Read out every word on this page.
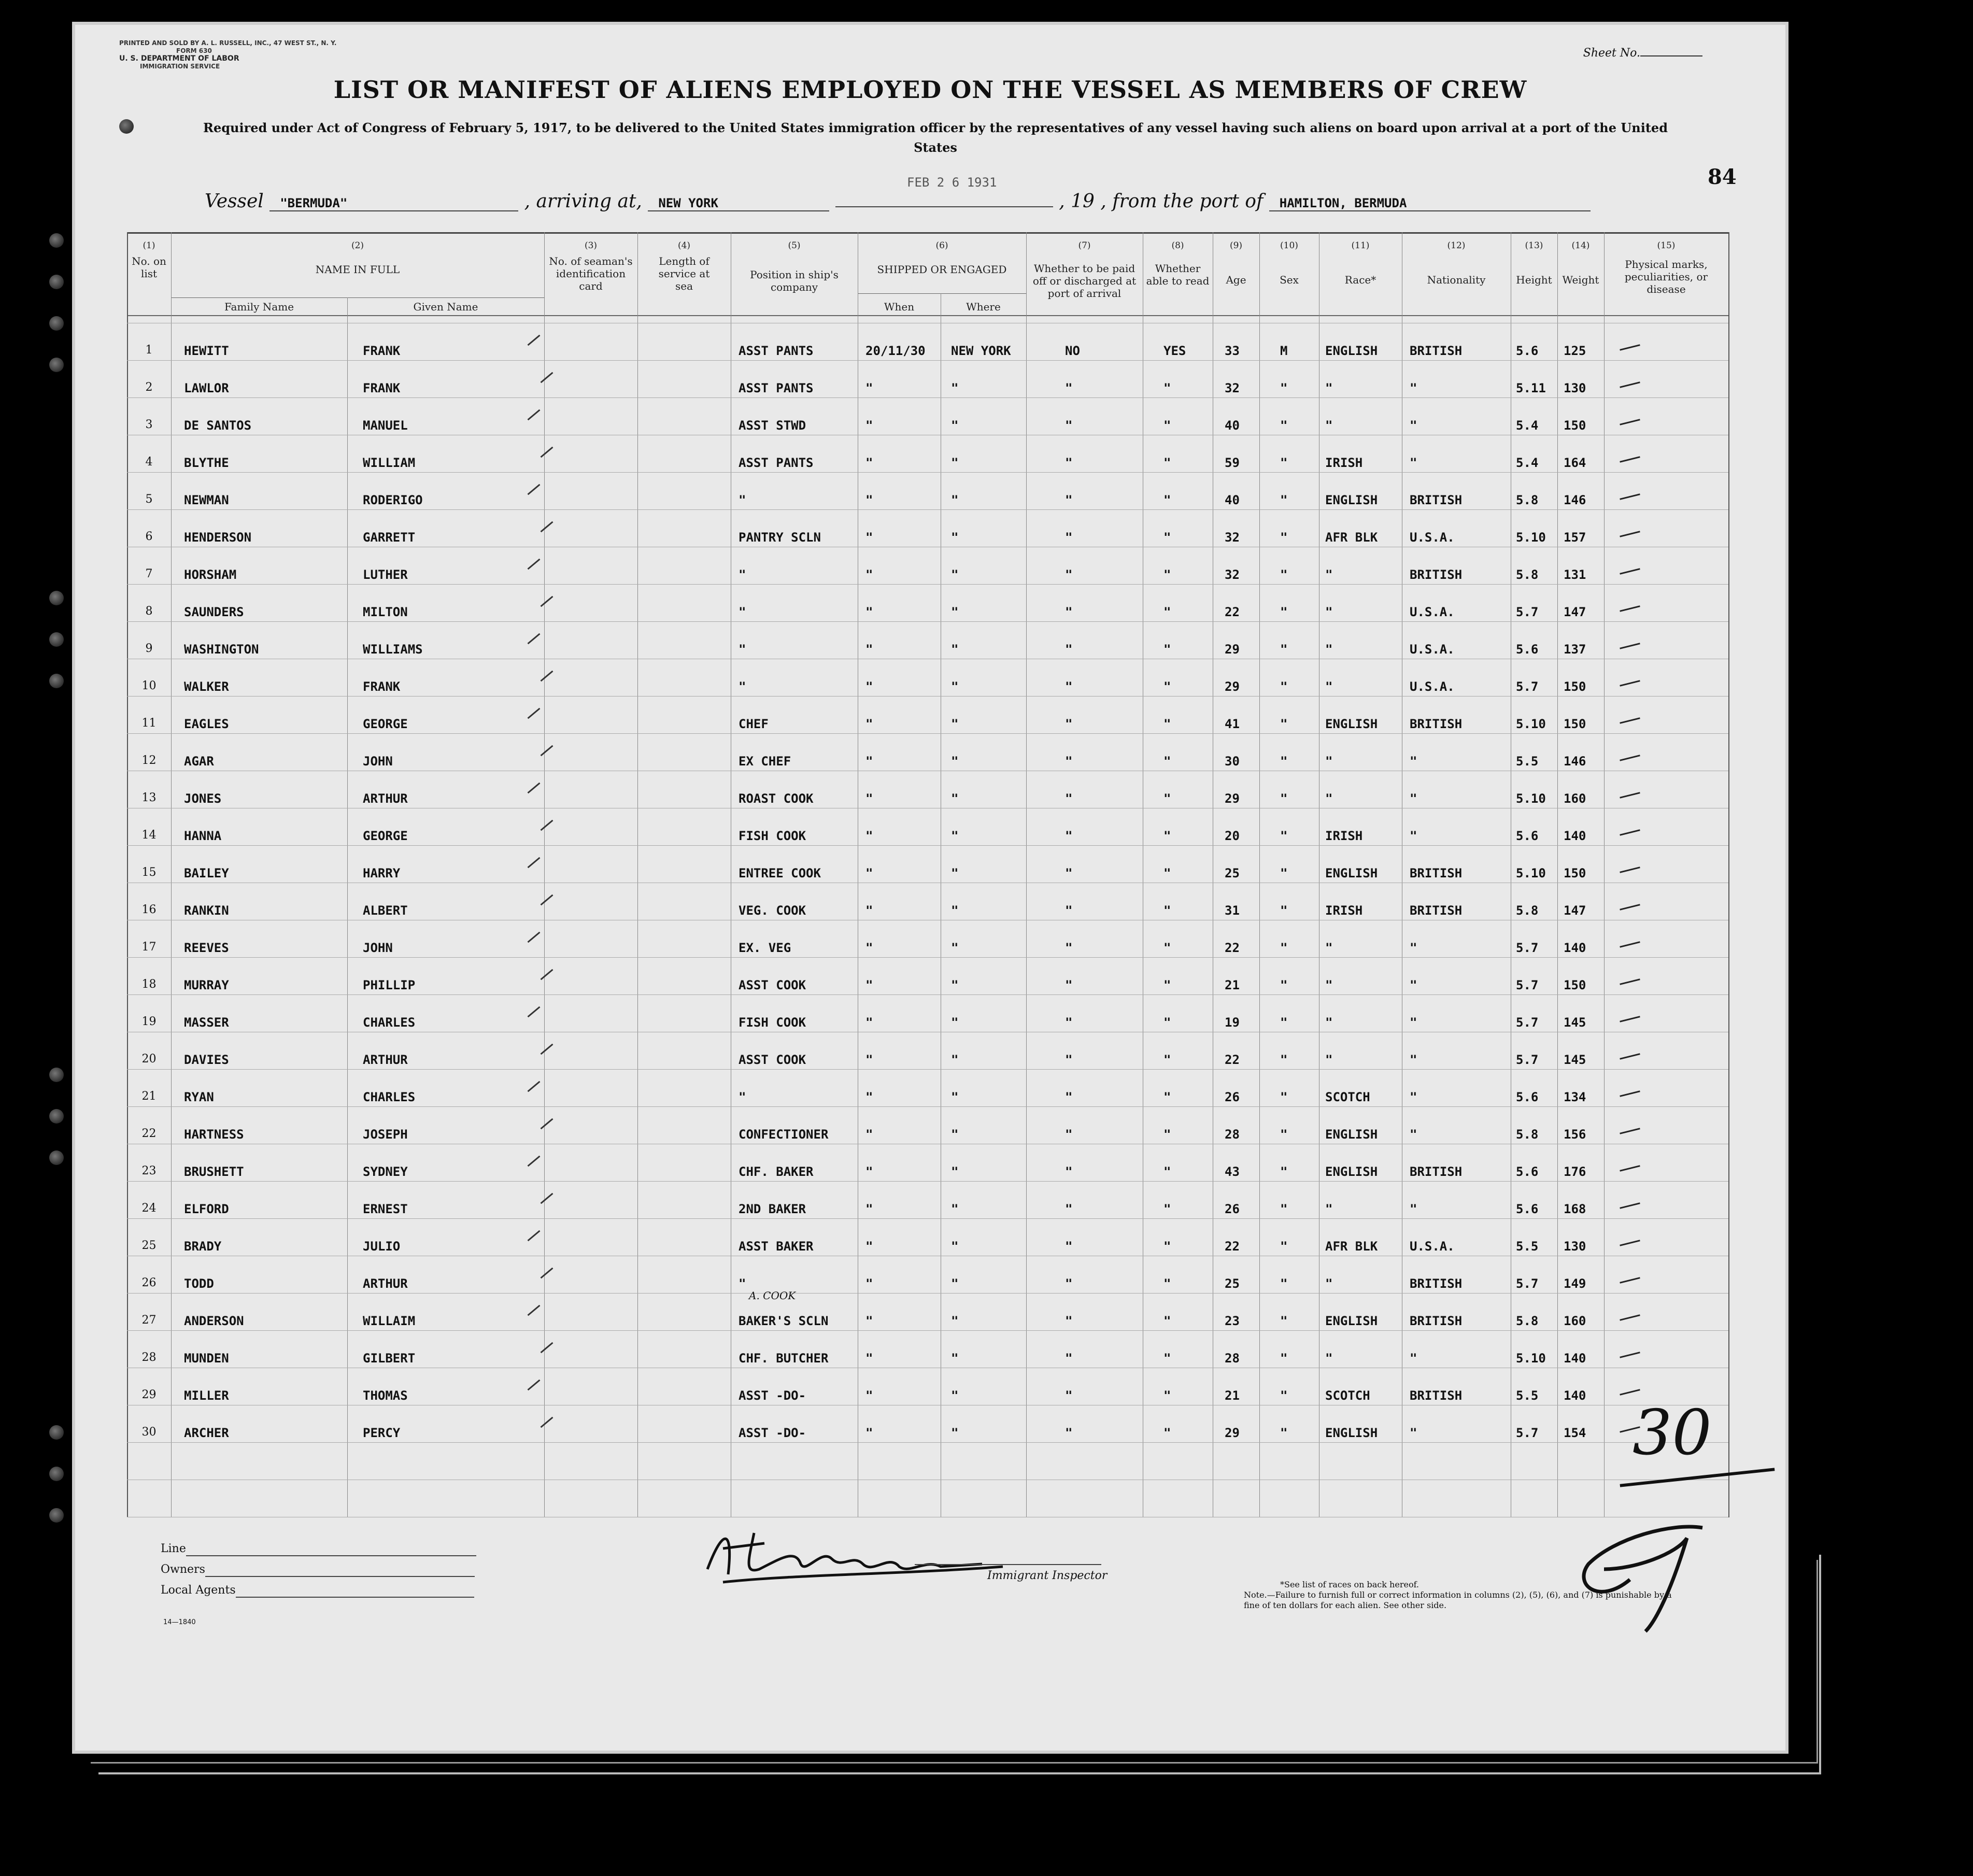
PRINTED AND SOLD BY A. L. RUSSELL, INC., 47 WEST ST., N. Y.
FORM 630
U. S. DEPARTMENT OF LABOR
IMMIGRATION SERVICE
Sheet No.
LIST OR MANIFEST OF ALIENS EMPLOYED ON THE VESSEL AS MEMBERS OF CREW
Required under Act of Congress of February 5, 1917, to be delivered to the United States immigration officer by the representatives of any vessel having such aliens on board upon arrival at a port of the United States
84
FEB 2 6 1931
Vessel "BERMUDA"	, arriving at, NEW YORK	, 19 , from the port of HAMILTON, BERMUDA
(1)
No. on list
(2)
NAME IN FULL
Family Name	Given Name
(3)
No. of seaman's identification card
(4)
Length of service at sea
(5)
Position in ship's company
(6)
SHIPPED OR ENGAGED
When	Where
(7)
Whether to be paid off or discharged at port of arrival
(8)
Whether able to read
(9)
Age
(10)
Sex
(11)
Race*
(12)
Nationality
(13)
Height
(14)
Weight
(15)
Physical marks, peculiarities, or disease
1	HEWITT	FRANK	ASST PANTS	20/11/30 NEW YORK	NO	YES	33	M	ENGLISH	BRITISH	5.6 125
2	LAWLOR	FRANK	ASST PANTS	"	"	"	"	32	"	"	"	5.11 130
3	DE SANTOS	MANUEL	ASST STWD	"	"	"	"	40	"	"	"	5.4 150
4	BLYTHE	WILLIAM	ASST PANTS	"	"	"	"	59	"	IRISH	"	5.4 164
5	NEWMAN	RODERIGO	"	"	"	"	"	40	"	ENGLISH	BRITISH	5.8 146
6	HENDERSON	GARRETT	PANTRY SCLN	"	"	"	"	32	"	AFR BLK	U.S.A.	5.10 157
7	HORSHAM	LUTHER	"	"	"	"	"	32	"	"	BRITISH	5.8 131
8	SAUNDERS	MILTON	"	"	"	"	"	22	"	"	U.S.A.	5.7 147
9	WASHINGTON	WILLIAMS	"	"	"	"	"	29	"	"	U.S.A.	5.6 137
10	WALKER	FRANK	"	"	"	"	"	29	"	"	U.S.A.	5.7 150
11	EAGLES	GEORGE	CHEF	"	"	"	"	41	"	ENGLISH	BRITISH	5.10 150
12	AGAR	JOHN	EX CHEF	"	"	"	"	30	"	"	"	5.5 146
13	JONES	ARTHUR	ROAST COOK	"	"	"	"	29	"	"	"	5.10 160
14	HANNA	GEORGE	FISH COOK	"	"	"	"	20	"	IRISH	"	5.6 140
15	BAILEY	HARRY	ENTREE COOK	"	"	"	"	25	"	ENGLISH	BRITISH	5.10 150
16	RANKIN	ALBERT	VEG. COOK	"	"	"	"	31	"	IRISH	BRITISH	5.8 147
17	REEVES	JOHN	EX. VEG	"	"	"	"	22	"	"	"	5.7 140
18	MURRAY	PHILLIP	ASST COOK	"	"	"	"	21	"	"	"	5.7 150
19	MASSER	CHARLES	FISH COOK	"	"	"	"	19	"	"	"	5.7 145
20	DAVIES	ARTHUR	ASST COOK	"	"	"	"	22	"	"	"	5.7 145
21	RYAN	CHARLES	"	"	"	"	"	26	"	SCOTCH	"	5.6 134
22	HARTNESS	JOSEPH	CONFECTIONER	"	"	"	"	28	"	ENGLISH	"	5.8 156
23	BRUSHETT	SYDNEY	CHF. BAKER	"	"	"	"	43	"	ENGLISH	BRITISH	5.6 176
24	ELFORD	ERNEST	2ND BAKER	"	"	"	"	26	"	"	"	5.6 168
25	BRADY	JULIO	ASST BAKER	"	"	"	"	22	"	AFR BLK	U.S.A.	5.5 130
26	TODD	ARTHUR	"	"	"	"	"	25	"	"	BRITISH	5.7 149
27	ANDERSON	WILLAIM	BAKER'S SCLN	"	"	"	"	23	"	ENGLISH	BRITISH	5.8 160
28	MUNDEN	GILBERT	CHF. BUTCHER	"	"	"	"	28	"	"	"	5.10 140
29	MILLER	THOMAS	ASST -DO-	"	"	"	"	21	"	SCOTCH	BRITISH	5.5 140
30	ARCHER	PERCY	ASST -DO-	"	"	"	"	29	"	ENGLISH	"	5.7 154 30
A. COOK
Line
Owners
Local Agents
14—1840
Immigrant Inspector
*See list of races on back hereof.
Note.—Failure to furnish full or correct information in columns (2), (5), (6), and (7) is punishable by a fine of ten dollars for each alien. See other side.
